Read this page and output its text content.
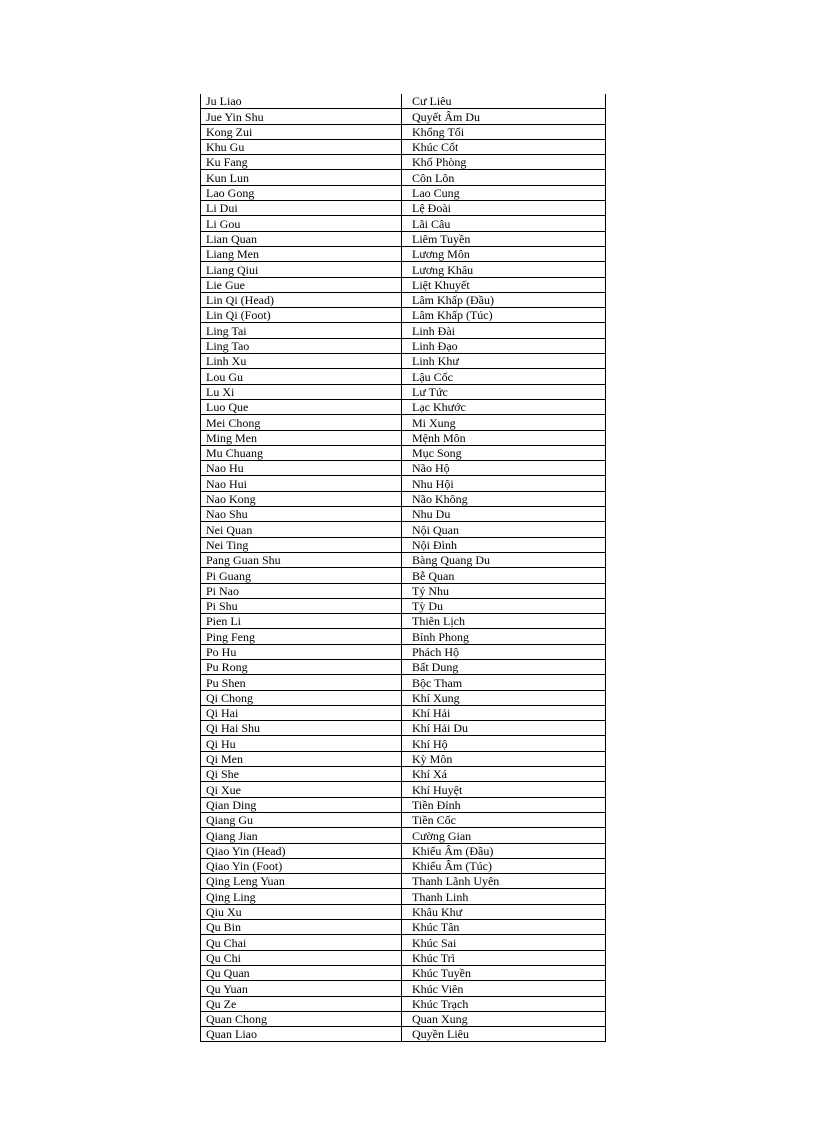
Ju Liao	Cư Liêu
Jue Yin Shu	Quyết Âm Du
Kong Zui	Khổng Tối
Khu Gu	Khúc Cốt
Ku Fang	Khố Phòng
Kun Lun	Côn Lôn
Lao Gong	Lao Cung
Li Dui	Lệ Đoài
Li Gou	Lãi Câu
Lian Quan	Liêm Tuyền
Liang Men	Lương Môn
Liang Qiui	Lương Khâu
Lie Gue	Liệt Khuyết
Lin Qi (Head)	Lâm Khấp (Đầu)
Lin Qi (Foot)	Lâm Khấp (Túc)
Ling Tai	Linh Đài
Ling Tao	Linh Đạo
Linh Xu	Linh Khư
Lou Gu	Lậu Cốc
Lu Xi	Lư Tức
Luo Que	Lạc Khước
Mei Chong	Mi Xung
Ming Men	Mệnh Môn
Mu Chuang	Mục Song
Nao Hu	Não Hộ
Nao Hui	Nhu Hội
Nao Kong	Não Không
Nao Shu	Nhu Du
Nei Quan	Nội Quan
Nei Ting	Nội Đình
Pang Guan Shu	Bàng Quang Du
Pi Guang	Bễ Quan
Pi Nao	Tý Nhu
Pi Shu	Tỳ Du
Pien Li	Thiên Lịch
Ping Feng	Bỉnh Phong
Po Hu	Phách Hộ
Pu Rong	Bất Dung
Pu Shen	Bộc Tham
Qi Chong	Khí Xung
Qi Hai	Khí Hải
Qi Hai Shu	Khí Hải Du
Qi Hu	Khí Hộ
Qi Men	Kỳ Môn
Qi She	Khí Xá
Qi Xue	Khí Huyệt
Qian Ding	Tiền Đỉnh
Qiang Gu	Tiền Cốc
Qiang Jian	Cường Gian
Qiao Yin (Head)	Khiếu Âm (Đầu)
Qiao Yin (Foot)	Khiếu Âm (Túc)
Qing Leng Yuan	Thanh Lãnh Uyên
Qing Ling	Thanh Linh
Qiu Xu	Khâu Khư
Qu Bin	Khúc Tân
Qu Chai	Khúc Sai
Qu Chi	Khúc Trì
Qu Quan	Khúc Tuyền
Qu Yuan	Khúc Viên
Qu Ze	Khúc Trạch
Quan Chong	Quan Xung
Quan Liao	Quyền Liêu
